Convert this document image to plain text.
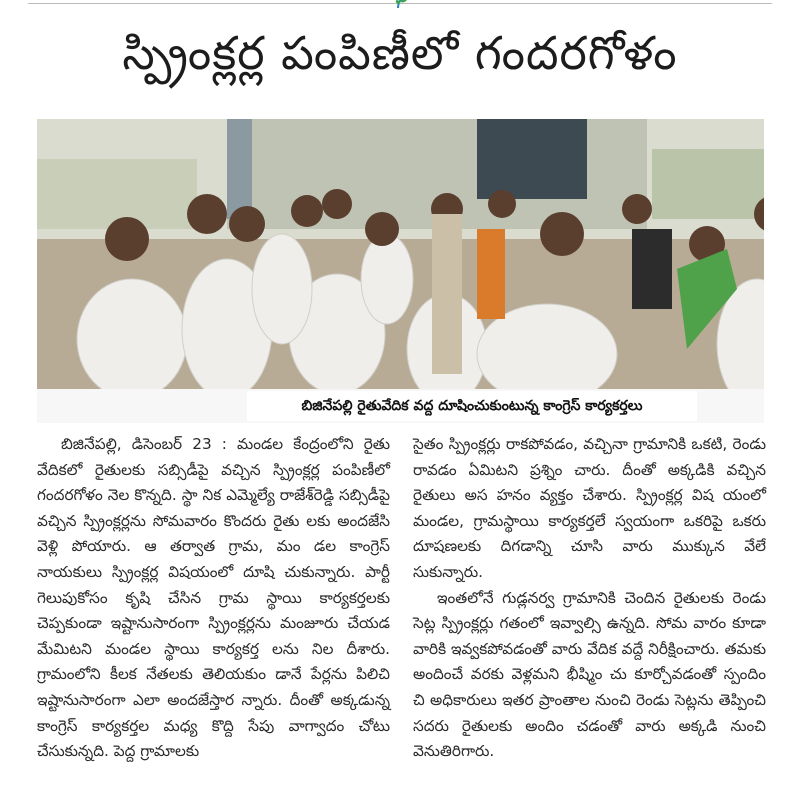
స్ప్రింక్లర్ల పంపిణీలో గందరగోళం
బిజినేపల్లి రైతువేదిక వద్ద దూషించుకుంటున్న కాంగ్రెస్‌ కార్యకర్తలు

బిజినేపల్లి, డిసెంబర్‌ 23 : మండల కేంద్రంలోని రైతు వేదికలో రైతులకు సబ్సిడీపై వచ్చిన స్ప్రింక్లర్ల పంపిణీలో గందరగోళం నెల కొన్నది. స్థా నిక ఎమ్మెల్యే రాజేశ్‌రెడ్డి సబ్సిడీపై వచ్చిన స్ప్రింక్లర్లను సోమవారం కొందరు రైతు లకు అందజేసి వెళ్లి పోయారు. ఆ తర్వాత గ్రామ, మం డల కాంగ్రెస్‌ నాయకులు స్ప్రింక్లర్ల విషయంలో దూషి చుకున్నారు. పార్టీ గెలుపుకోసం కృషి చేసిన గ్రామ స్థాయి కార్యకర్తలకు చెప్పకుండా ఇష్టానుసారంగా స్ప్రింక్లర్లను మంజూరు చేయడ మేమిటని మండల స్థాయి కార్యకర్త లను నిల దీశారు. గ్రామంలోని కీలక నేతలకు తెలియకుం డానే పేర్లను పిలిచి ఇష్టానుసారంగా ఎలా అందజేస్తార న్నారు. దీంతో అక్కడున్న కాంగ్రెస్‌ కార్యకర్తల మధ్య కొద్ది సేపు వాగ్వాదం చోటు చేసుకున్నది. పెద్ద గ్రామాలకు

సైతం స్ప్రింక్లర్లు రాకపోవడం, వచ్చినా గ్రామానికి ఒకటి, రెండు రావడం ఏమిటని ప్రశ్నిం చారు. దీంతో అక్కడికి వచ్చిన రైతులు అస హనం వ్యక్తం చేశారు. స్ప్రింక్లర్ల విష యంలో మండల, గ్రామస్థాయి కార్యకర్తలే స్వయంగా ఒకరిపై ఒకరు దూషణలకు దిగడాన్ని చూసి వారు ముక్కున వేలే సుకున్నారు.

ఇంతలోనే గుడ్లనర్వ గ్రామానికి చెందిన రైతులకు రెండు సెట్ల స్ప్రింక్లర్లు గతంలో ఇవ్వాల్సి ఉన్నది. సోమ వారం కూడా వారికి ఇవ్వకపోవడంతో వారు వేదిక వద్దే నిరీక్షించారు. తమకు అందించే వరకు వెళ్లమని భీష్మిం చు కూర్చోవడంతో స్పందిం చి అధికారులు ఇతర ప్రాంతాల నుంచి రెండు సెట్లను తెప్పించి సదరు రైతులకు అందిం చడంతో వారు అక్కడి నుంచి వెనుతిరిగారు.
